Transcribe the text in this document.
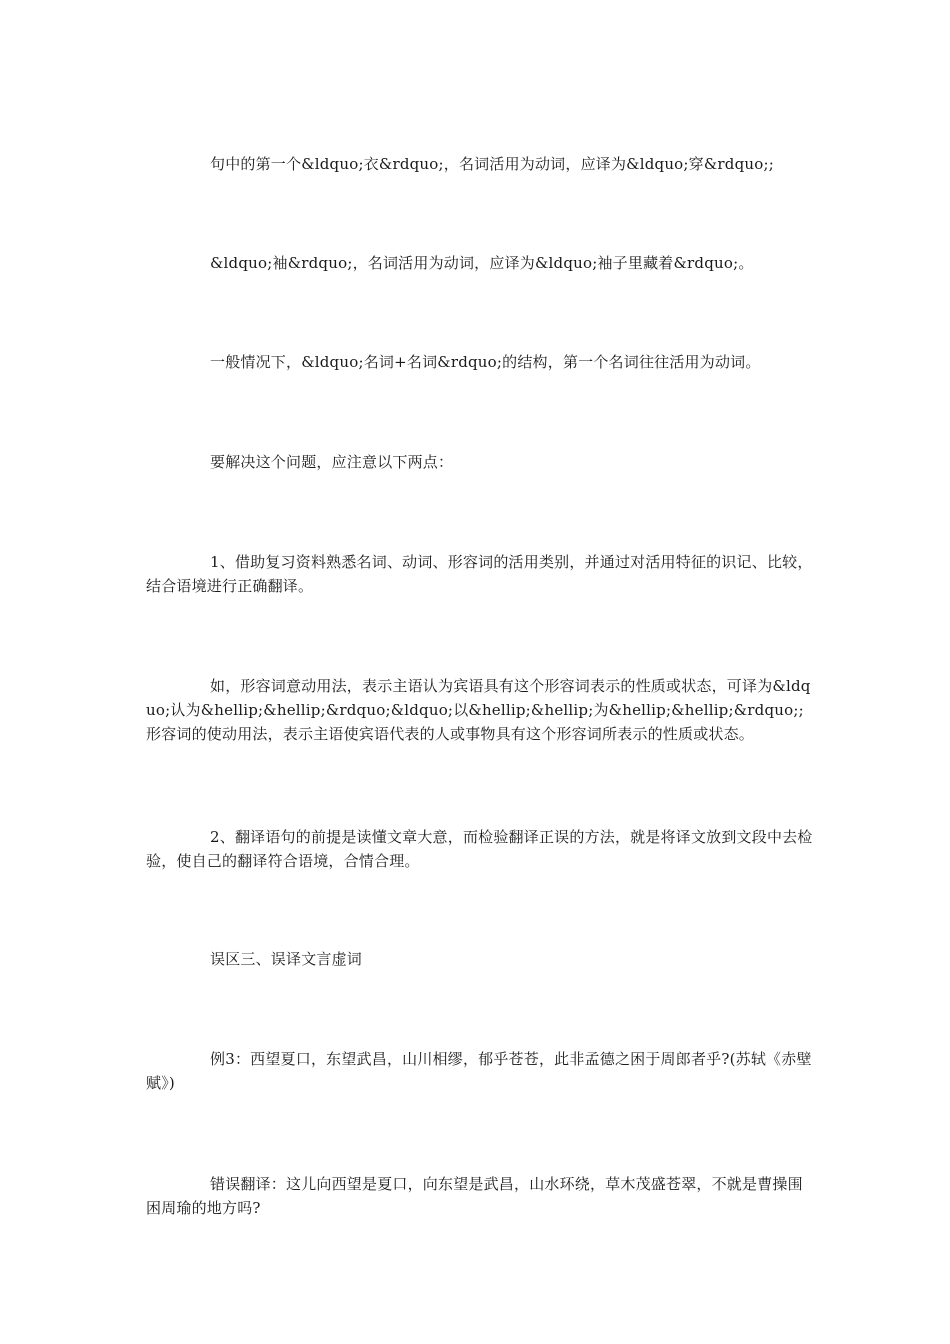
句中的第一个&ldquo;衣&rdquo;，名词活用为动词，应译为&ldquo;穿&rdquo;;

&ldquo;袖&rdquo;，名词活用为动词，应译为&ldquo;袖子里藏着&rdquo;。

一般情况下，&ldquo;名词+名词&rdquo;的结构，第一个名词往往活用为动词。

要解决这个问题，应注意以下两点：

1、借助复习资料熟悉名词、动词、形容词的活用类别，并通过对活用特征的识记、比较，结合语境进行正确翻译。

如，形容词意动用法，表示主语认为宾语具有这个形容词表示的性质或状态，可译为&ldquo;认为&hellip;&hellip;&rdquo;&ldquo;以&hellip;&hellip;为&hellip;&hellip;&rdquo;;形容词的使动用法，表示主语使宾语代表的人或事物具有这个形容词所表示的性质或状态。

2、翻译语句的前提是读懂文章大意，而检验翻译正误的方法，就是将译文放到文段中去检验，使自己的翻译符合语境，合情合理。

误区三、误译文言虚词

例3：西望夏口，东望武昌，山川相缪，郁乎苍苍，此非孟德之困于周郎者乎?(苏轼《赤壁赋》)

错误翻译：这儿向西望是夏口，向东望是武昌，山水环绕，草木茂盛苍翠，不就是曹操围困周瑜的地方吗?
